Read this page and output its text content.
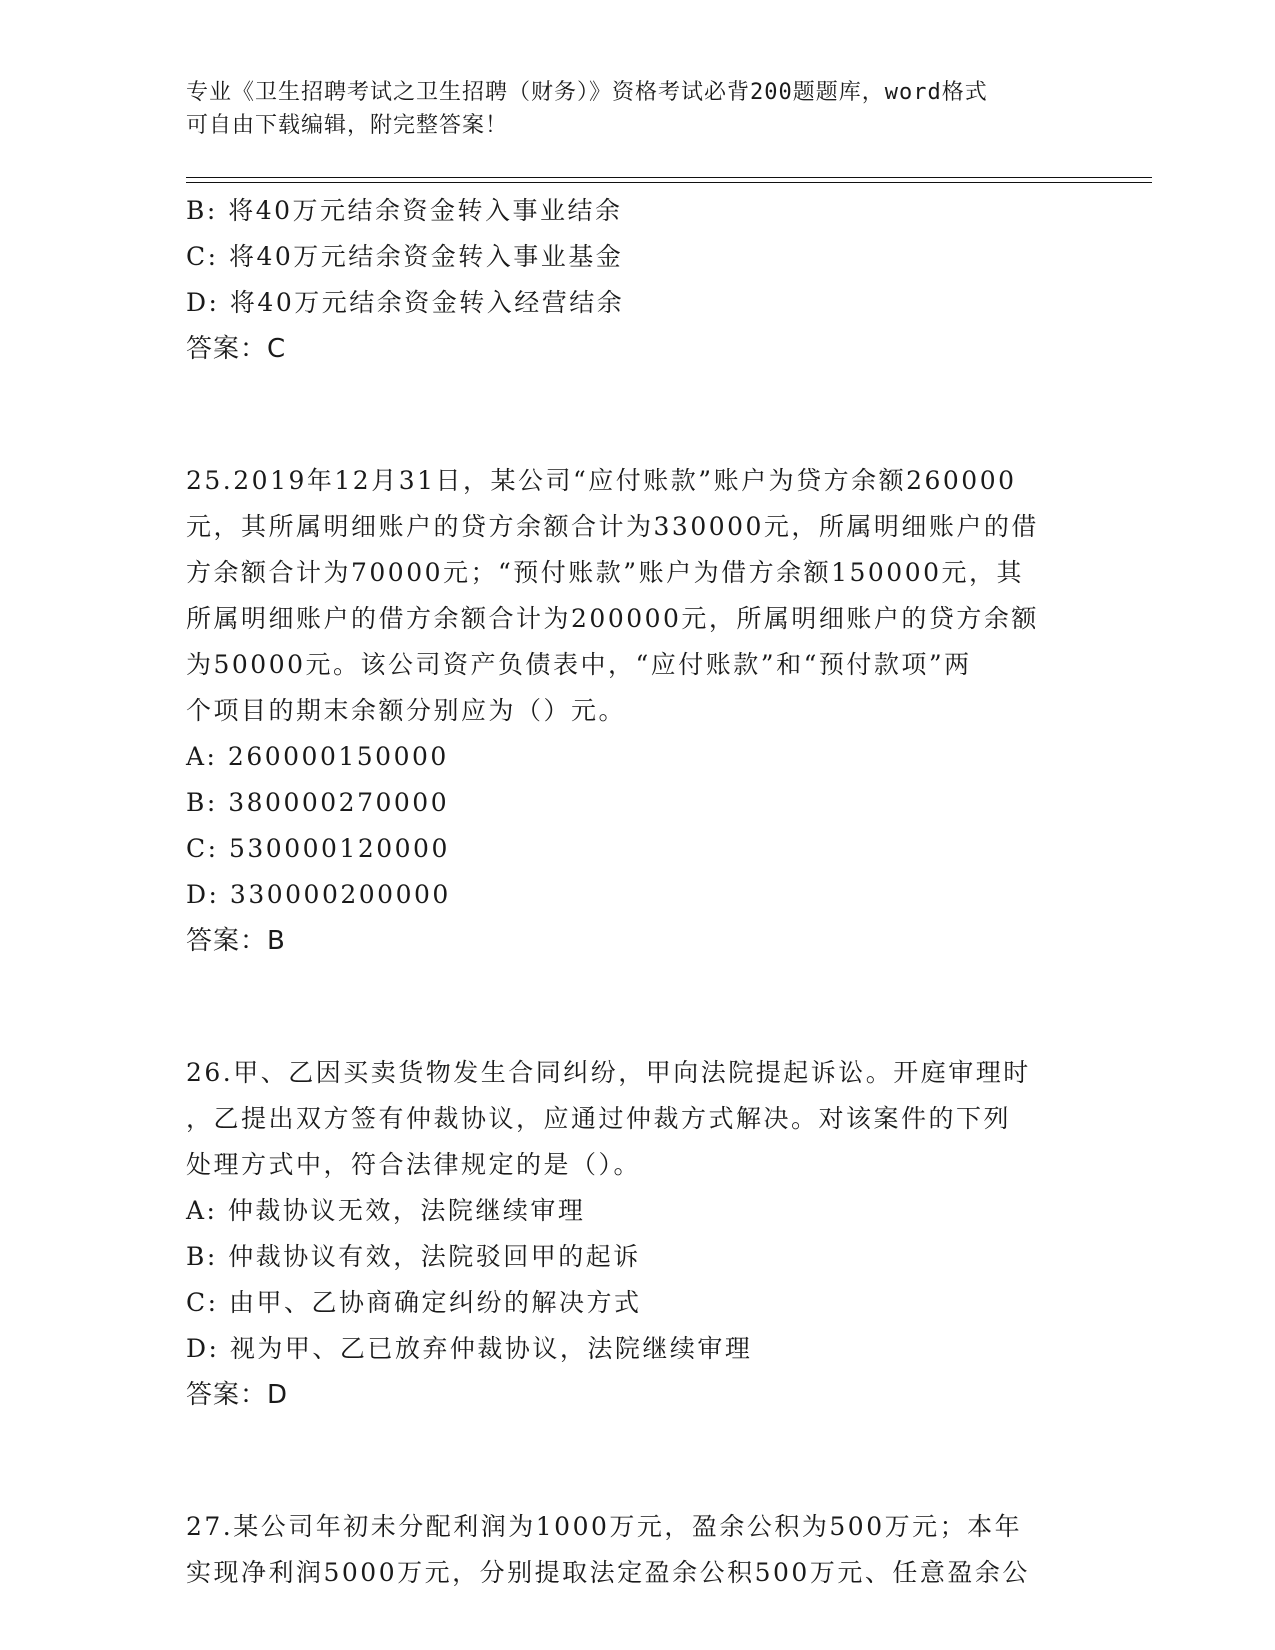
专业《卫生招聘考试之卫生招聘（财务）》资格考试必背200题题库，word格式
可自由下载编辑，附完整答案！
B: 将40万元结余资金转入事业结余
C: 将40万元结余资金转入事业基金
D: 将40万元结余资金转入经营结余
答案：C
25.2019年12月31日，某公司“应付账款”账户为贷方余额260000
元，其所属明细账户的贷方余额合计为330000元，所属明细账户的借
方余额合计为70000元；“预付账款”账户为借方余额150000元，其
所属明细账户的借方余额合计为200000元，所属明细账户的贷方余额
为50000元。该公司资产负债表中，“应付账款”和“预付款项”两
个项目的期末余额分别应为（）元。
A: 260000150000
B: 380000270000
C: 530000120000
D: 330000200000
答案：B
26.甲、乙因买卖货物发生合同纠纷，甲向法院提起诉讼。开庭审理时
，乙提出双方签有仲裁协议，应通过仲裁方式解决。对该案件的下列
处理方式中，符合法律规定的是（）。
A: 仲裁协议无效，法院继续审理
B: 仲裁协议有效，法院驳回甲的起诉
C: 由甲、乙协商确定纠纷的解决方式
D: 视为甲、乙已放弃仲裁协议，法院继续审理
答案：D
27.某公司年初未分配利润为1000万元，盈余公积为500万元；本年
实现净利润5000万元，分别提取法定盈余公积500万元、任意盈余公
